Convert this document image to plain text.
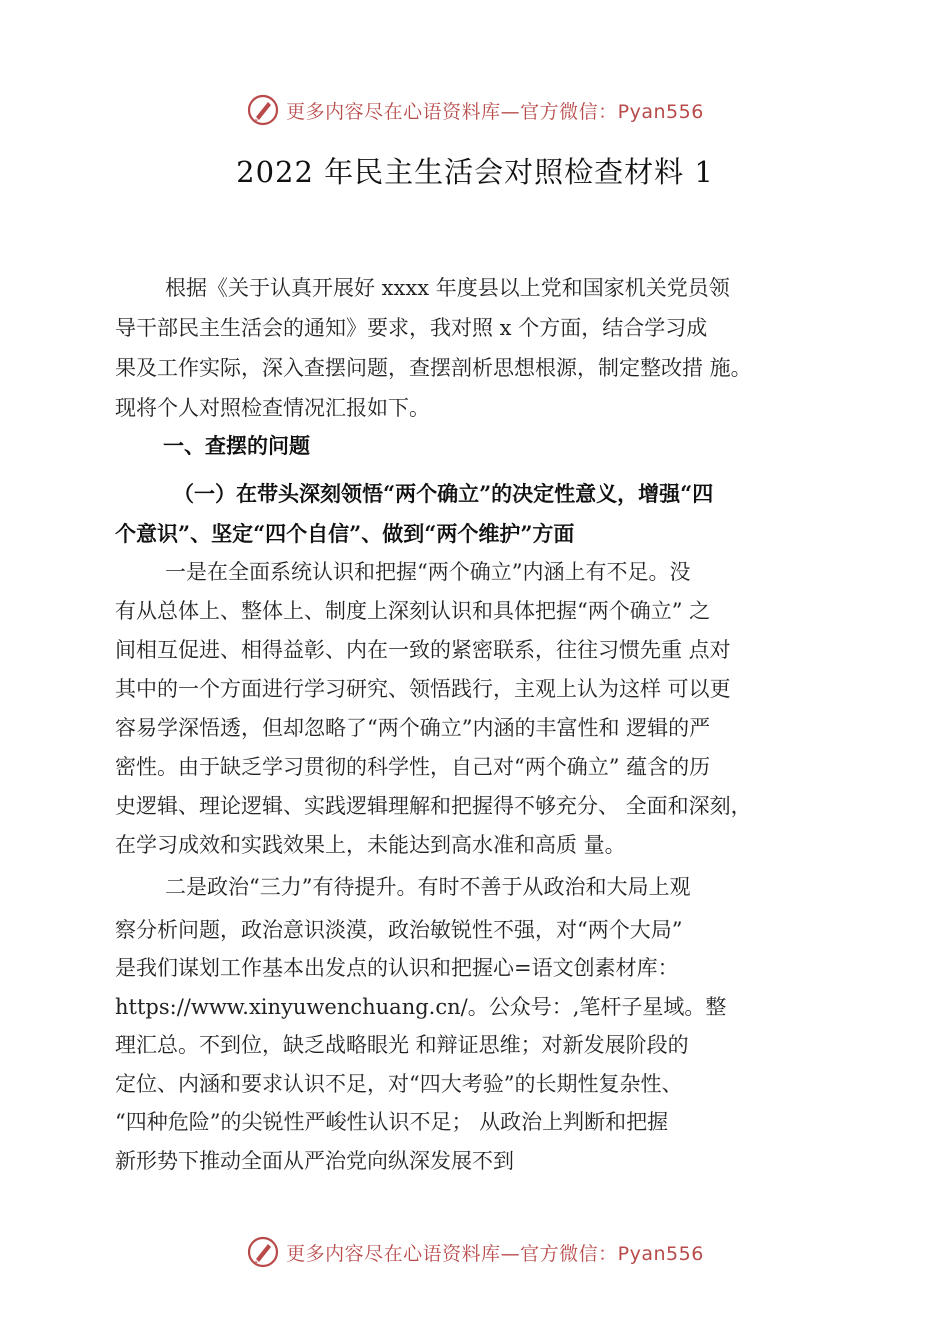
更多内容尽在心语资料库—官方微信：Pyan556
2022 年民主生活会对照检查材料 1
根据《关于认真开展好 xxxx 年度县以上党和国家机关党员领
导干部民主生活会的通知》要求，我对照 x 个方面，结合学习成
果及工作实际，深入查摆问题，查摆剖析思想根源，制定整改措 施。
现将个人对照检查情况汇报如下。
一、查摆的问题
（一）在带头深刻领悟“两个确立”的决定性意义，增强“四
个意识”、坚定“四个自信”、做到“两个维护”方面
一是在全面系统认识和把握“两个确立”内涵上有不足。没
有从总体上、整体上、制度上深刻认识和具体把握“两个确立” 之
间相互促进、相得益彰、内在一致的紧密联系，往往习惯先重 点对
其中的一个方面进行学习研究、领悟践行，主观上认为这样 可以更
容易学深悟透，但却忽略了“两个确立”内涵的丰富性和 逻辑的严
密性。由于缺乏学习贯彻的科学性，自己对“两个确立” 蕴含的历
史逻辑、理论逻辑、实践逻辑理解和把握得不够充分、 全面和深刻，
在学习成效和实践效果上，未能达到高水准和高质 量。
二是政治“三力”有待提升。有时不善于从政治和大局上观
察分析问题，政治意识淡漠，政治敏锐性不强，对“两个大局”
是我们谋划工作基本出发点的认识和把握心=语文创素材库：
https://www.xinyuwenchuang.cn/。公众号：,笔杆子星域。整
理汇总。不到位，缺乏战略眼光 和辩证思维；对新发展阶段的
定位、内涵和要求认识不足，对“四大考验”的长期性复杂性、
“四种危险”的尖锐性严峻性认识不足； 从政治上判断和把握
新形势下推动全面从严治党向纵深发展不到
更多内容尽在心语资料库—官方微信：Pyan556
